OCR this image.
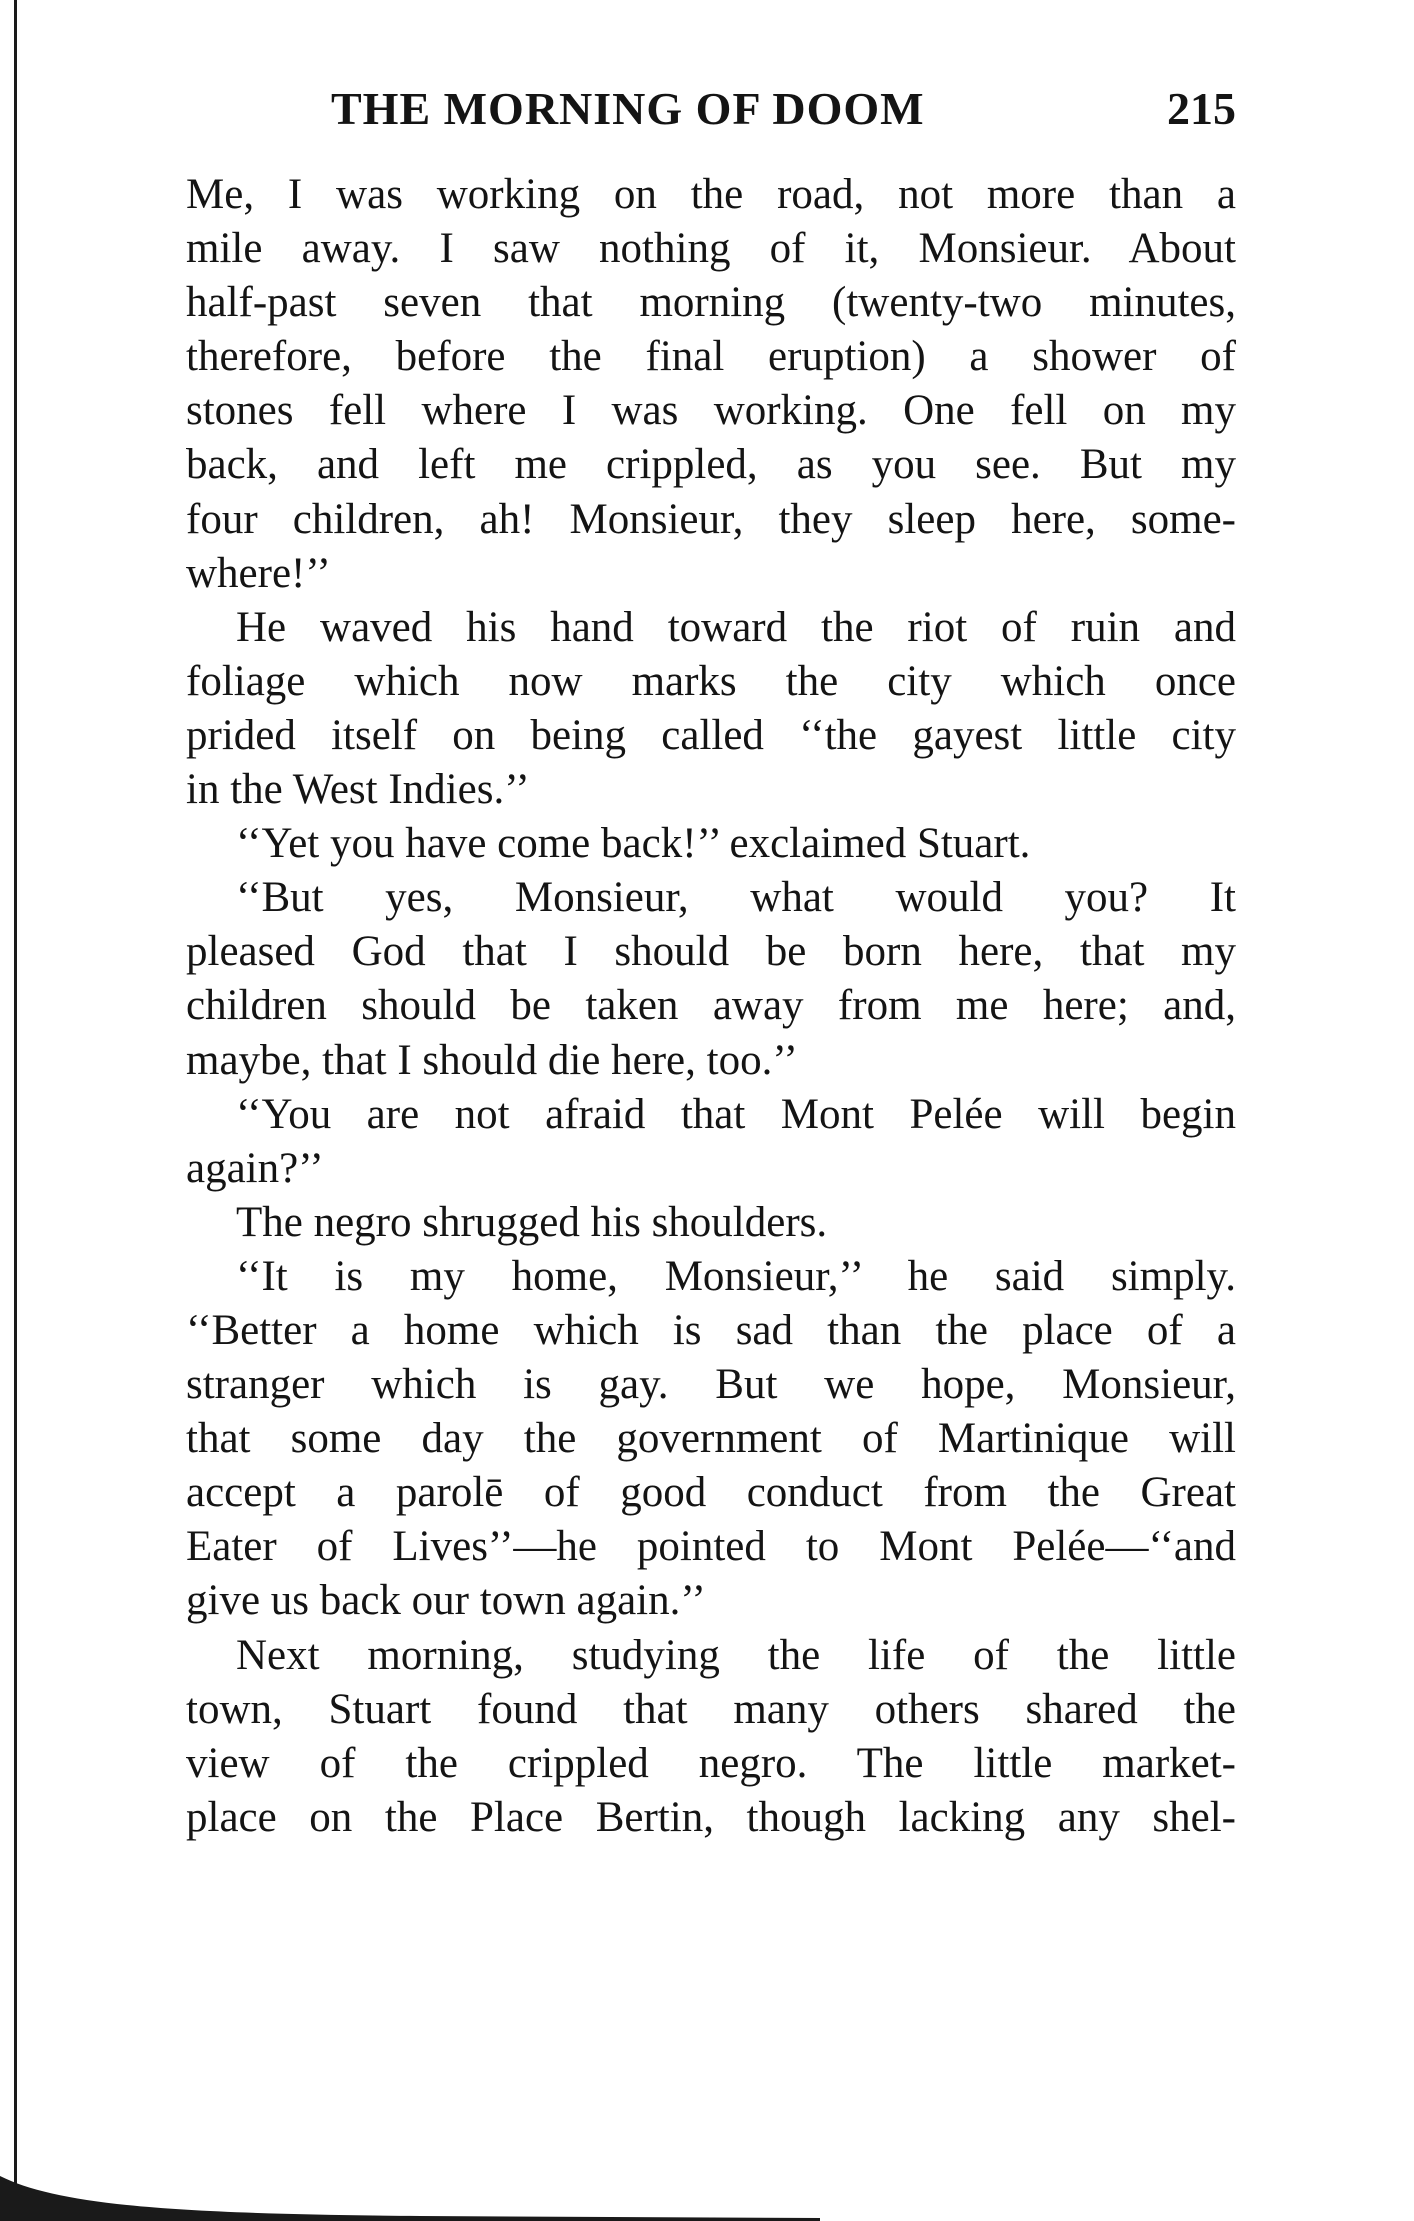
THE MORNING OF DOOM	215
Me, I was working on the road, not more than a
mile away. I saw nothing of it, Monsieur. About
half-past seven that morning (twenty-two minutes,
therefore, before the final eruption) a shower of
stones fell where I was working. One fell on my
back, and left me crippled, as you see. But my
four children, ah! Monsieur, they sleep here, some-
where!’’
He waved his hand toward the riot of ruin and
foliage which now marks the city which once
prided itself on being called ‘‘the gayest little city
in the West Indies.’’
‘‘Yet you have come back!’’ exclaimed Stuart.
‘‘But yes, Monsieur, what would you? It
pleased God that I should be born here, that my
children should be taken away from me here; and,
maybe, that I should die here, too.’’
‘‘You are not afraid that Mont Pelée will begin
again?’’
The negro shrugged his shoulders.
‘‘It is my home, Monsieur,’’ he said simply.
‘‘Better a home which is sad than the place of a
stranger which is gay. But we hope, Monsieur,
that some day the government of Martinique will
accept a parolē of good conduct from the Great
Eater of Lives’’—he pointed to Mont Pelée—‘‘and
give us back our town again.’’
Next morning, studying the life of the little
town, Stuart found that many others shared the
view of the crippled negro. The little market-
place on the Place Bertin, though lacking any shel-
